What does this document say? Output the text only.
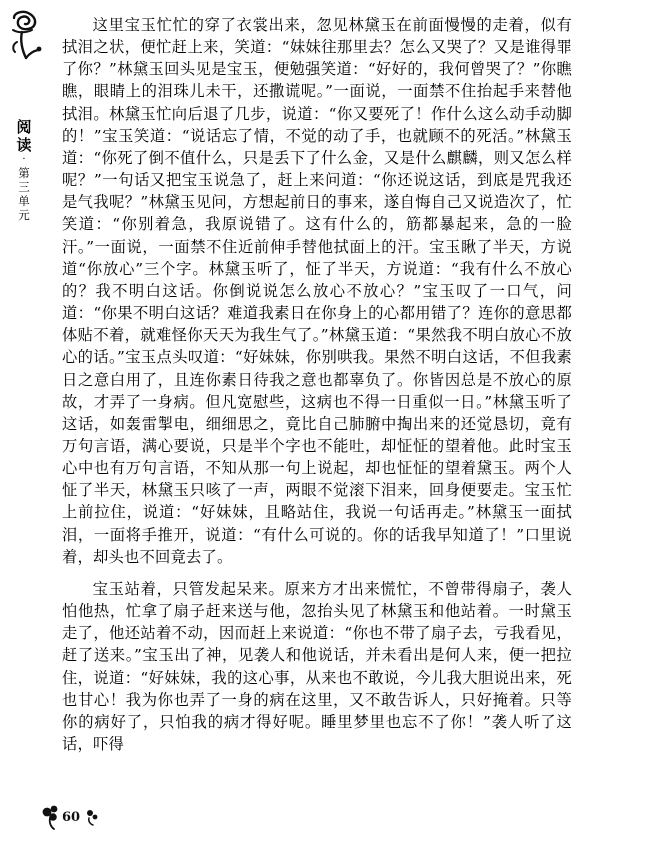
阅
读
·
第三单元

这里宝玉忙忙的穿了衣裳出来，忽见林黛玉在前面慢慢的走着，似有拭泪之状，便忙赶上来，笑道：“妹妹往那里去？怎么又哭了？又是谁得罪了你？”林黛玉回头见是宝玉，便勉强笑道：“好好的，我何曾哭了？”你瞧瞧，眼睛上的泪珠儿未干，还撒谎呢。”一面说，一面禁不住抬起手来替他拭泪。林黛玉忙向后退了几步，说道：“你又要死了！作什么这么动手动脚的！”宝玉笑道：“说话忘了情，不觉的动了手，也就顾不的死活。”林黛玉道：“你死了倒不值什么，只是丢下了什么金，又是什么麒麟，则又怎么样呢？”一句话又把宝玉说急了，赶上来问道：“你还说这话，到底是咒我还是气我呢？”林黛玉见问，方想起前日的事来，遂自悔自己又说造次了，忙笑道：“你别着急，我原说错了。这有什么的，筋都暴起来，急的一脸汗。”一面说，一面禁不住近前伸手替他拭面上的汗。宝玉瞅了半天，方说道“你放心”三个字。林黛玉听了，怔了半天，方说道：“我有什么不放心的？我不明白这话。你倒说说怎么放心不放心？”宝玉叹了一口气，问道：“你果不明白这话？难道我素日在你身上的心都用错了？连你的意思都体贴不着，就难怪你天天为我生气了。”林黛玉道：“果然我不明白放心不放心的话。”宝玉点头叹道：“好妹妹，你别哄我。果然不明白这话，不但我素日之意白用了，且连你素日待我之意也都辜负了。你皆因总是不放心的原故，才弄了一身病。但凡宽慰些，这病也不得一日重似一日。”林黛玉听了这话，如轰雷掣电，细细思之，竟比自己肺腑中掏出来的还觉恳切，竟有万句言语，满心要说，只是半个字也不能吐，却怔怔的望着他。此时宝玉心中也有万句言语，不知从那一句上说起，却也怔怔的望着黛玉。两个人怔了半天，林黛玉只咳了一声，两眼不觉滚下泪来，回身便要走。宝玉忙上前拉住，说道：“好妹妹，且略站住，我说一句话再走。”林黛玉一面拭泪，一面将手推开，说道：“有什么可说的。你的话我早知道了！”口里说着，却头也不回竟去了。

宝玉站着，只管发起呆来。原来方才出来慌忙，不曾带得扇子，袭人怕他热，忙拿了扇子赶来送与他，忽抬头见了林黛玉和他站着。一时黛玉走了，他还站着不动，因而赶上来说道：“你也不带了扇子去，亏我看见，赶了送来。”宝玉出了神，见袭人和他说话，并未看出是何人来，便一把拉住，说道：“好妹妹，我的这心事，从来也不敢说，今儿我大胆说出来，死也甘心！我为你也弄了一身的病在这里，又不敢告诉人，只好掩着。只等你的病好了，只怕我的病才得好呢。睡里梦里也忘不了你！”袭人听了这话，吓得

60
